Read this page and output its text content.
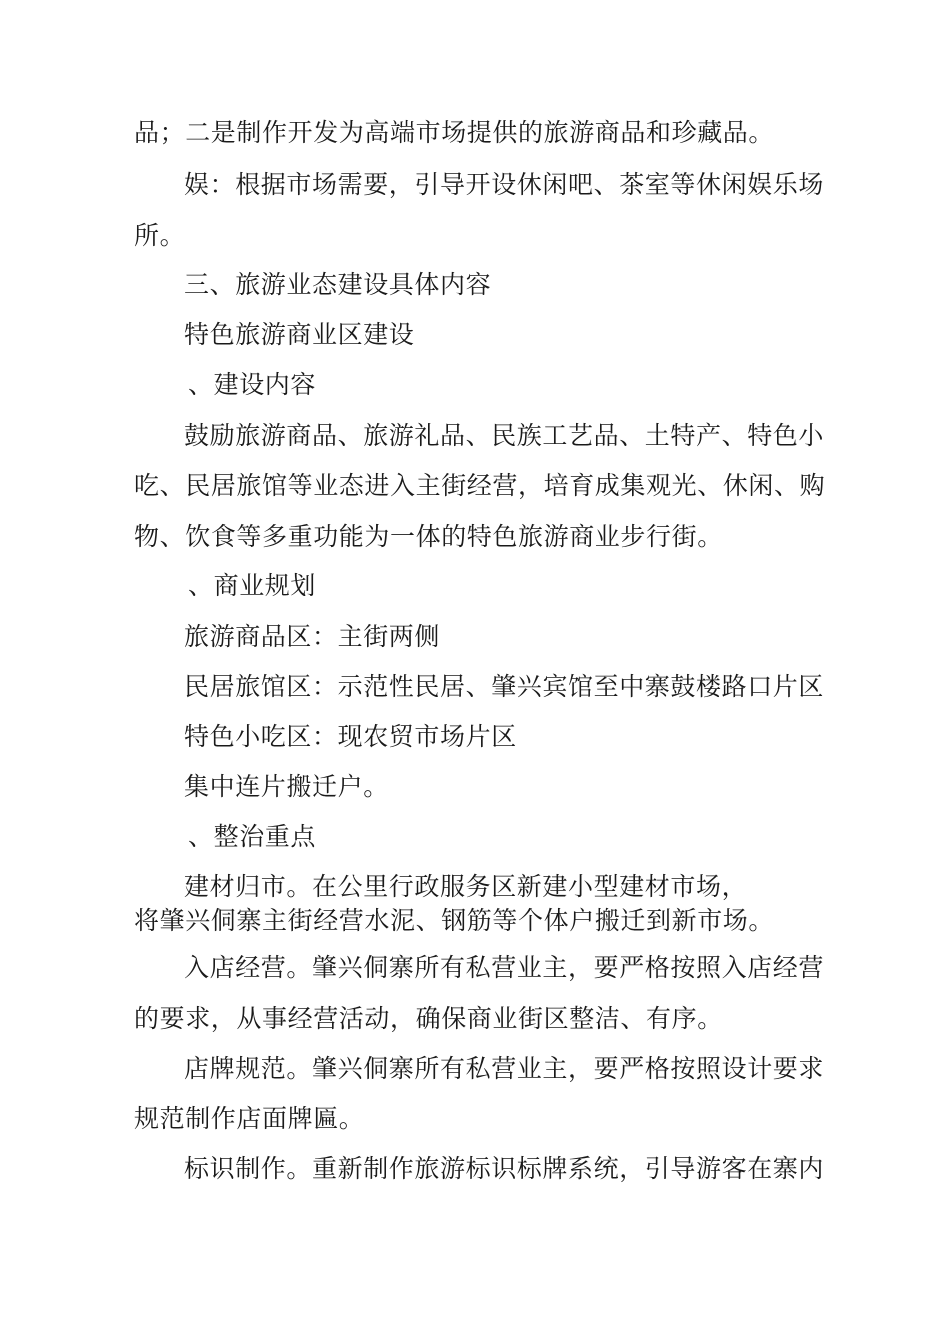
品；二是制作开发为高端市场提供的旅游商品和珍藏品。
娱：根据市场需要，引导开设休闲吧、茶室等休闲娱乐场
所。
三、旅游业态建设具体内容
特色旅游商业区建设
、建设内容
鼓励旅游商品、旅游礼品、民族工艺品、土特产、特色小
吃、民居旅馆等业态进入主街经营，培育成集观光、休闲、购
物、饮食等多重功能为一体的特色旅游商业步行街。
、商业规划
旅游商品区：主街两侧
民居旅馆区：示范性民居、肇兴宾馆至中寨鼓楼路口片区
特色小吃区：现农贸市场片区
集中连片搬迁户。
、整治重点
建材归市。在公里行政服务区新建小型建材市场，
将肇兴侗寨主街经营水泥、钢筋等个体户搬迁到新市场。
入店经营。肇兴侗寨所有私营业主，要严格按照入店经营
的要求，从事经营活动，确保商业街区整洁、有序。
店牌规范。肇兴侗寨所有私营业主，要严格按照设计要求
规范制作店面牌匾。
标识制作。重新制作旅游标识标牌系统，引导游客在寨内
